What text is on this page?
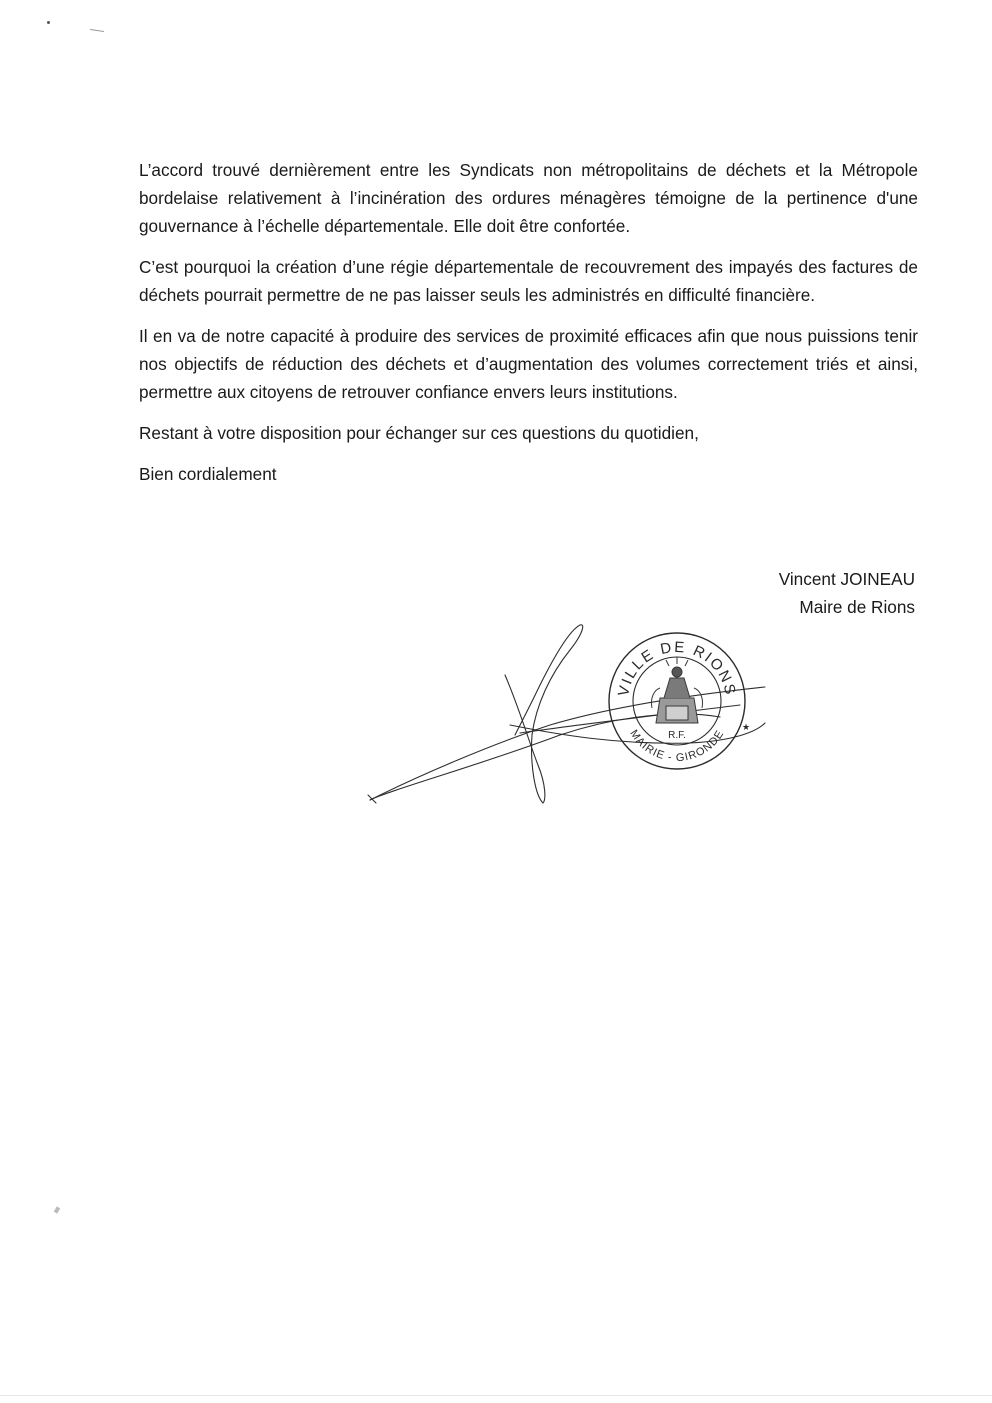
L’accord trouvé dernièrement entre les Syndicats non métropolitains de déchets et la Métropole bordelaise relativement à l’incinération des ordures ménagères témoigne de la pertinence d'une gouvernance à l’échelle départementale. Elle doit être confortée.

C’est pourquoi la création d’une régie départementale de recouvrement des impayés des factures de déchets pourrait permettre de ne pas laisser seuls les administrés en difficulté financière.

Il en va de notre capacité à produire des services de proximité efficaces afin que nous puissions tenir nos objectifs de réduction des déchets et d’augmentation des volumes correctement triés et ainsi, permettre aux citoyens de retrouver confiance envers leurs institutions.

Restant à votre disposition pour échanger sur ces questions du quotidien,

Bien cordialement

Vincent JOINEAU
Maire de Rions
VILLE DE RIONS
MAIRIE - GIRONDE
R.F.
★
